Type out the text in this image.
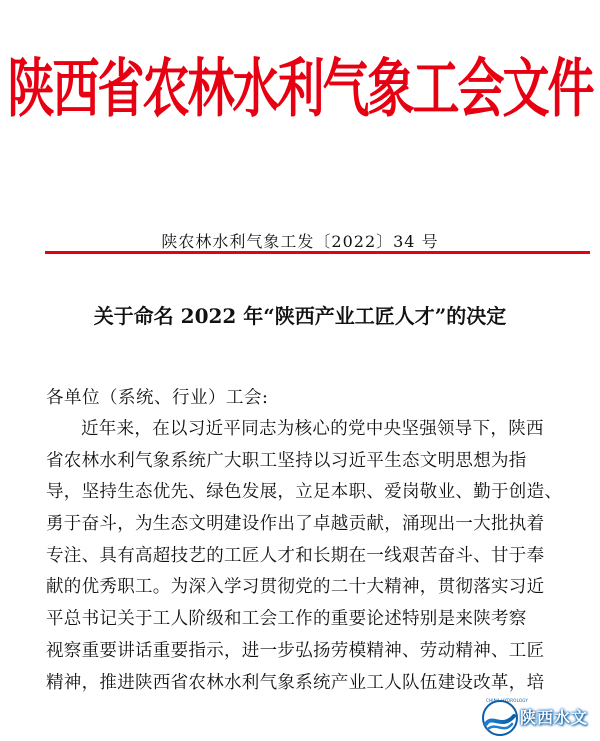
陕西省农林水利气象工会文件
陕农林水利气象工发〔2022〕34 号
关于命名 2022 年“陕西产业工匠人才”的决定
各单位（系统、行业）工会:
近年来，在以习近平同志为核心的党中央坚强领导下，陕西
省农林水利气象系统广大职工坚持以习近平生态文明思想为指
导，坚持生态优先、绿色发展，立足本职、爱岗敬业、勤于创造、
勇于奋斗，为生态文明建设作出了卓越贡献，涌现出一大批执着
专注、具有高超技艺的工匠人才和长期在一线艰苦奋斗、甘于奉
献的优秀职工。为深入学习贯彻党的二十大精神，贯彻落实习近
平总书记关于工人阶级和工会工作的重要论述特别是来陕考察
视察重要讲话重要指示，进一步弘扬劳模精神、劳动精神、工匠
精神，推进陕西省农林水利气象系统产业工人队伍建设改革，培
陕西水文
CHINA HYDROLOGY
